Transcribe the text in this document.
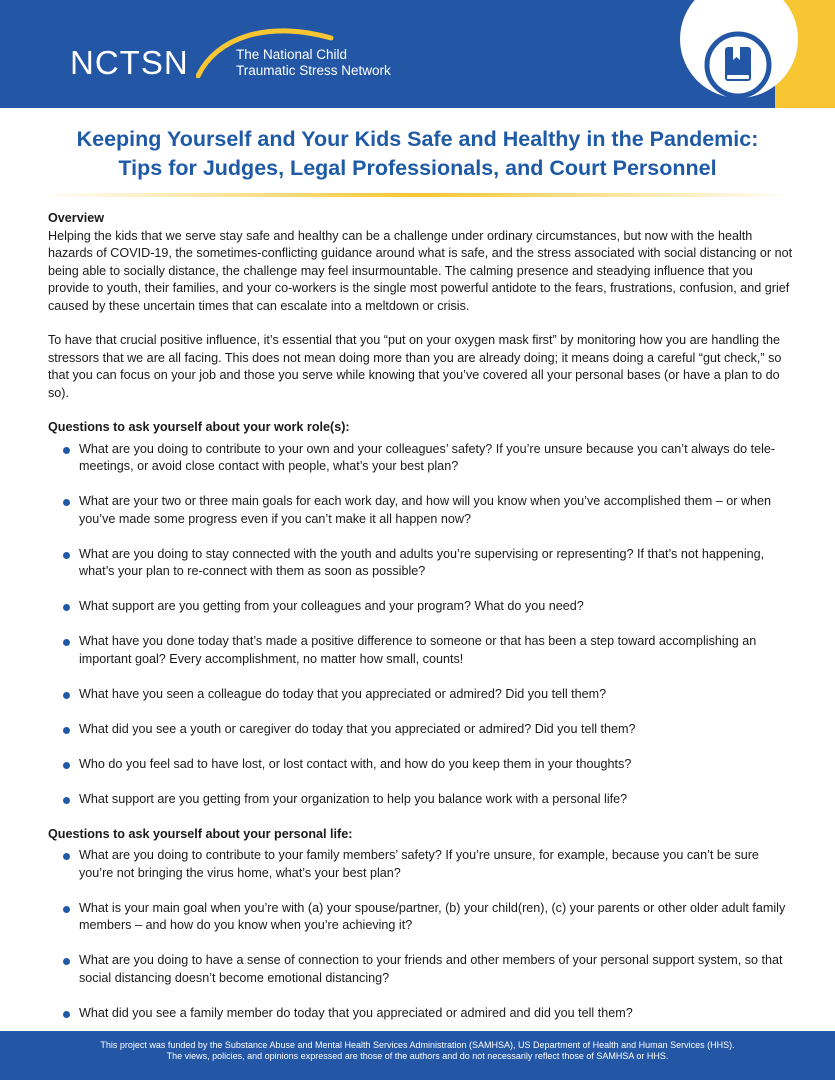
NCTSN	The National Child
Traumatic Stress Network
Keeping Yourself and Your Kids Safe and Healthy in the Pandemic:
Tips for Judges, Legal Professionals, and Court Personnel

Overview

Helping the kids that we serve stay safe and healthy can be a challenge under ordinary circumstances, but now with the health hazards of COVID-19, the sometimes-conflicting guidance around what is safe, and the stress associated with social distancing or not being able to socially distance, the challenge may feel insurmountable. The calming presence and steadying influence that you provide to youth, their families, and your co-workers is the single most powerful antidote to the fears, frustrations, confusion, and grief caused by these uncertain times that can escalate into a meltdown or crisis.

To have that crucial positive influence, it’s essential that you “put on your oxygen mask first” by monitoring how you are handling the stressors that we are all facing. This does not mean doing more than you are already doing; it means doing a careful “gut check,” so that you can focus on your job and those you serve while knowing that you’ve covered all your personal bases (or have a plan to do so).

Questions to ask yourself about your work role(s):

What are you doing to contribute to your own and your colleagues’ safety? If you’re unsure because you can’t always do tele-meetings, or avoid close contact with people, what’s your best plan?
What are your two or three main goals for each work day, and how will you know when you’ve accomplished them – or when you’ve made some progress even if you can’t make it all happen now?
What are you doing to stay connected with the youth and adults you’re supervising or representing? If that’s not happening, what’s your plan to re-connect with them as soon as possible?
What support are you getting from your colleagues and your program? What do you need?
What have you done today that’s made a positive difference to someone or that has been a step toward accomplishing an important goal? Every accomplishment, no matter how small, counts!
What have you seen a colleague do today that you appreciated or admired? Did you tell them?
What did you see a youth or caregiver do today that you appreciated or admired? Did you tell them?
Who do you feel sad to have lost, or lost contact with, and how do you keep them in your thoughts?
What support are you getting from your organization to help you balance work with a personal life?

Questions to ask yourself about your personal life:

What are you doing to contribute to your family members’ safety? If you’re unsure, for example, because you can’t be sure you’re not bringing the virus home, what’s your best plan?
What is your main goal when you’re with (a) your spouse/partner, (b) your child(ren), (c) your parents or other older adult family members – and how do you know when you’re achieving it?
What are you doing to have a sense of connection to your friends and other members of your personal support system, so that social distancing doesn’t become emotional distancing?
What did you see a family member do today that you appreciated or admired and did you tell them?
This project was funded by the Substance Abuse and Mental Health Services Administration (SAMHSA), US Department of Health and Human Services (HHS).
The views, policies, and opinions expressed are those of the authors and do not necessarily reflect those of SAMHSA or HHS.
